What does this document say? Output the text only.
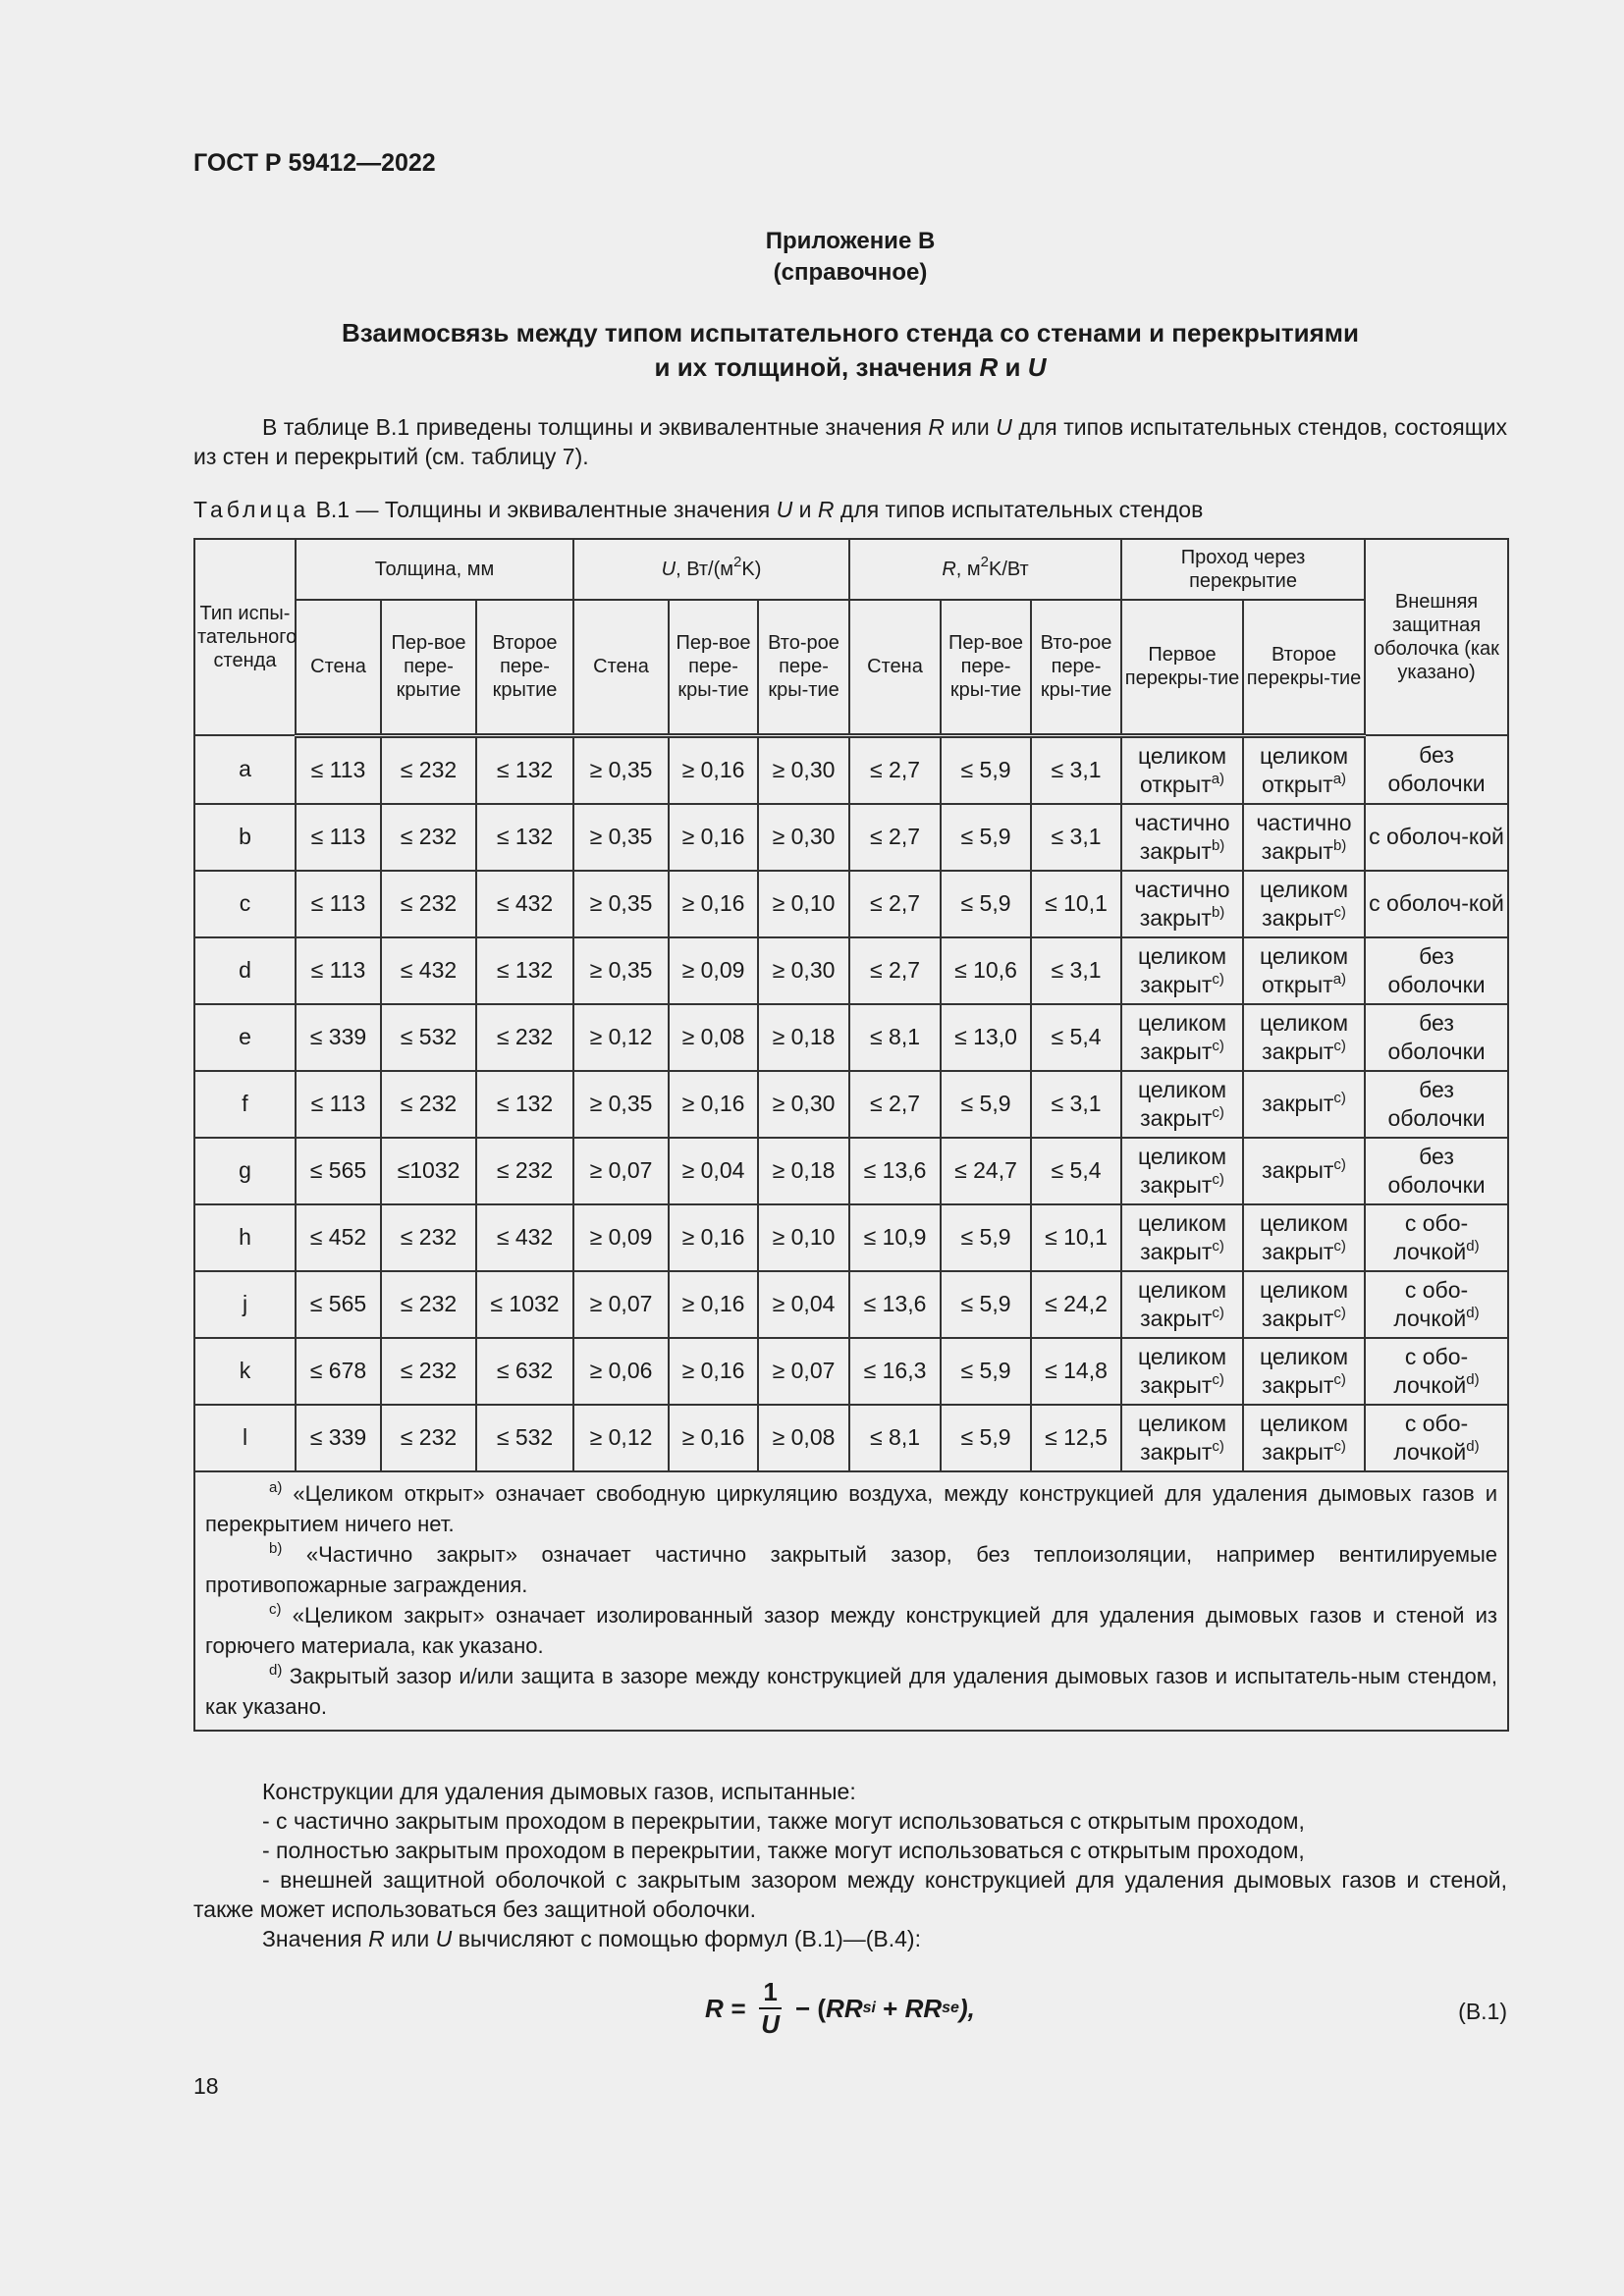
ГОСТ Р 59412—2022
Приложение В
(справочное)
Взаимосвязь между типом испытательного стенда со стенами и перекрытиями
и их толщиной, значения R и U
В таблице В.1 приведены толщины и эквивалентные значения R или U для типов испытательных стендов, состоящих из стен и перекрытий (см. таблицу 7).
Таблица В.1 — Толщины и эквивалентные значения U и R для типов испытательных стендов
Тип испы-тательного стенда	Толщина, мм			U, $Вт/(м^2K)$			R, $м^2K/Вт$			Проход через перекрытие		Внешняя защитная оболочка (как указано)
	Стена	Пер-вое пере-крытие	Второе пере-крытие	Стена	Пер-вое пере-кры-тие	Вто-рое пере-кры-тие	Стена	Пер-вое пере-кры-тие	Вто-рое пере-кры-тие	Первое перекры-тие	Второе перекры-тие	
a	≤ 113	≤ 232	≤ 132	≥ 0,35	≥ 0,16	≥ 0,30	≤ 2,7	≤ 5,9	≤ 3,1	целиком открыт$^{a)}$	целиком открыт$^{a)}$	без оболочки
b	≤ 113	≤ 232	≤ 132	≥ 0,35	≥ 0,16	≥ 0,30	≤ 2,7	≤ 5,9	≤ 3,1	частично закрыт$^{b)}$	частично закрыт$^{b)}$	с оболоч-кой
c	≤ 113	≤ 232	≤ 432	≥ 0,35	≥ 0,16	≥ 0,10	≤ 2,7	≤ 5,9	≤ 10,1	частично закрыт$^{b)}$	целиком закрыт$^{c)}$	с оболоч-кой
d	≤ 113	≤ 432	≤ 132	≥ 0,35	≥ 0,09	≥ 0,30	≤ 2,7	≤ 10,6	≤ 3,1	целиком закрыт$^{c)}$	целиком открыт$^{a)}$	без оболочки
e	≤ 339	≤ 532	≤ 232	≥ 0,12	≥ 0,08	≥ 0,18	≤ 8,1	≤ 13,0	≤ 5,4	целиком закрыт$^{c)}$	целиком закрыт$^{c)}$	без оболочки
f	≤ 113	≤ 232	≤ 132	≥ 0,35	≥ 0,16	≥ 0,30	≤ 2,7	≤ 5,9	≤ 3,1	целиком закрыт$^{c)}$	закрыт$^{c)}$	без оболочки
g	≤ 565	≤1032	≤ 232	≥ 0,07	≥ 0,04	≥ 0,18	≤ 13,6	≤ 24,7	≤ 5,4	целиком закрыт$^{c)}$	закрыт$^{c)}$	без оболочки
h	≤ 452	≤ 232	≤ 432	≥ 0,09	≥ 0,16	≥ 0,10	≤ 10,9	≤ 5,9	≤ 10,1	целиком закрыт$^{c)}$	целиком закрыт$^{c)}$	с обо-лочкой$^{d)}$
j	≤ 565	≤ 232	≤ 1032	≥ 0,07	≥ 0,16	≥ 0,04	≤ 13,6	≤ 5,9	≤ 24,2	целиком закрыт$^{c)}$	целиком закрыт$^{c)}$	с обо-лочкой$^{d)}$
k	≤ 678	≤ 232	≤ 632	≥ 0,06	≥ 0,16	≥ 0,07	≤ 16,3	≤ 5,9	≤ 14,8	целиком закрыт$^{c)}$	целиком закрыт$^{c)}$	с обо-лочкой$^{d)}$
l	≤ 339	≤ 232	≤ 532	≥ 0,12	≥ 0,16	≥ 0,08	≤ 8,1	≤ 5,9	≤ 12,5	целиком закрыт$^{c)}$	целиком закрыт$^{c)}$	с обо-лочкой$^{d)}$

$^{a)}$ «Целиком открыт» означает свободную циркуляцию воздуха, между конструкцией для удаления дымовых газов и перекрытием ничего нет.
$^{b)}$ «Частично закрыт» означает частично закрытый зазор, без теплоизоляции, например вентилируемые противопожарные заграждения.
$^{c)}$ «Целиком закрыт» означает изолированный зазор между конструкцией для удаления дымовых газов и стеной из горючего материала, как указано.
$^{d)}$ Закрытый зазор и/или защита в зазоре между конструкцией для удаления дымовых газов и испытатель-ным стендом, как указано.												
Конструкции для удаления дымовых газов, испытанные:
- с частично закрытым проходом в перекрытии, также могут использоваться с открытым проходом,
- полностью закрытым проходом в перекрытии, также могут использоваться с открытым проходом,
- внешней защитной оболочкой с закрытым зазором между конструкцией для удаления дымовых газов и стеной, также может использоваться без защитной оболочки.
Значения R или U вычисляют с помощью формул (В.1)—(В.4):
$R = \frac{1}{U}$ − ( RR si + RR se ),	(В.1)
18
